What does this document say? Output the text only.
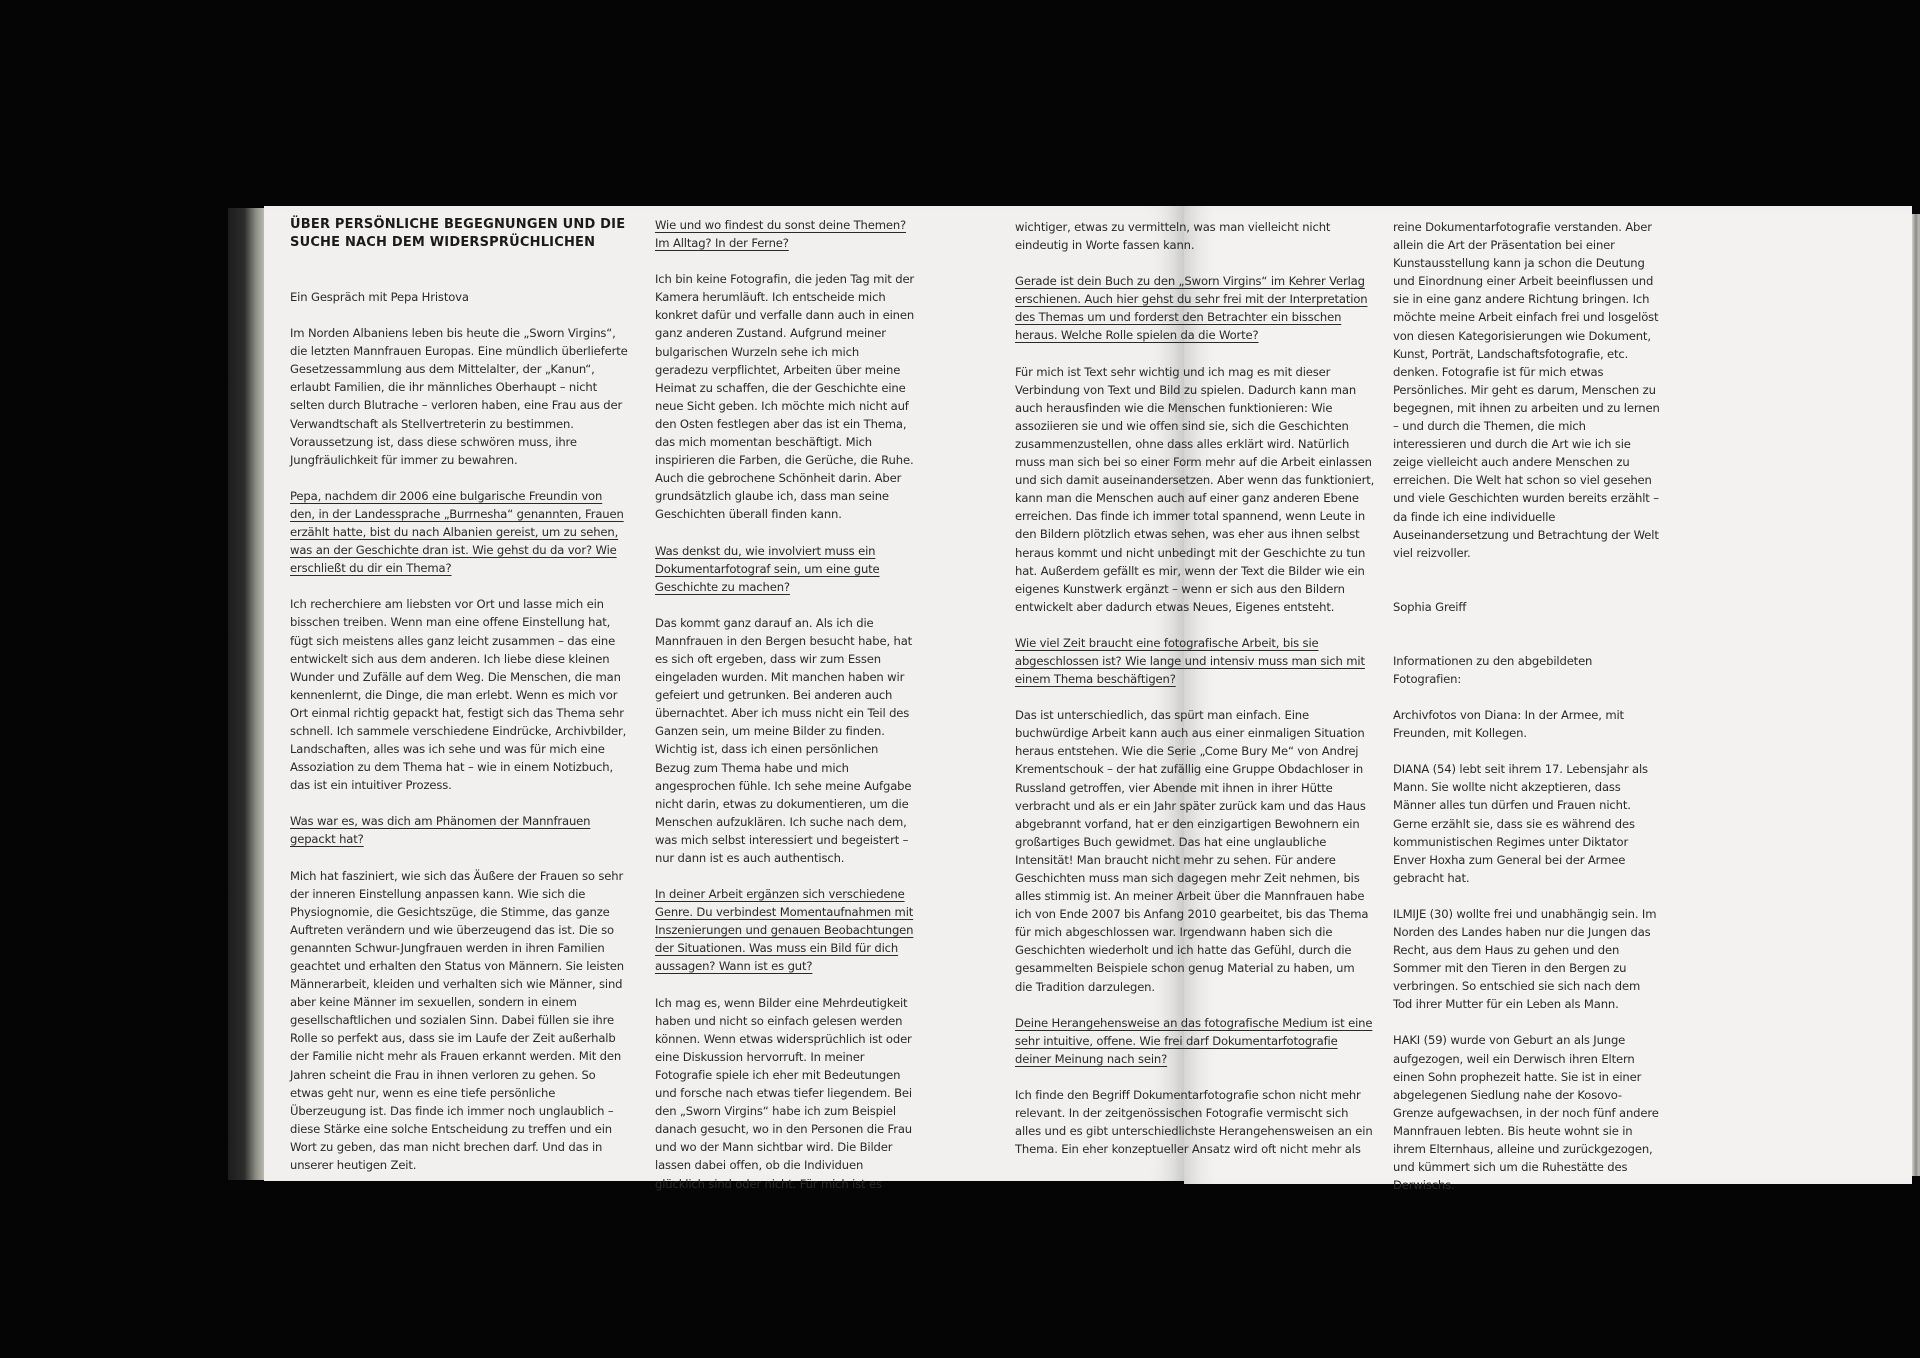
ÜBER PERSÖNLICHE BEGEGNUNGEN UND DIE SUCHE NACH DEM WIDERSPRÜCHLICHEN

Ein Gespräch mit Pepa Hristova

Im Norden Albaniens leben bis heute die „Sworn Virgins“, die letzten Mannfrauen Europas. Eine mündlich überlieferte Gesetzessammlung aus dem Mittelalter, der „Kanun“, erlaubt Familien, die ihr männliches Oberhaupt – nicht selten durch Blutrache – verloren haben, eine Frau aus der Verwandtschaft als Stellvertreterin zu bestimmen. Voraussetzung ist, dass diese schwören muss, ihre Jungfräulichkeit für immer zu bewahren.

Pepa, nachdem dir 2006 eine bulgarische Freundin von den, in der Landessprache „Burrnesha“ genannten, Frauen erzählt hatte, bist du nach Albanien gereist, um zu sehen, was an der Geschichte dran ist. Wie gehst du da vor? Wie erschließt du dir ein Thema?

Ich recherchiere am liebsten vor Ort und lasse mich ein bisschen treiben. Wenn man eine offene Einstellung hat, fügt sich meistens alles ganz leicht zusammen – das eine entwickelt sich aus dem anderen. Ich liebe diese kleinen Wunder und Zufälle auf dem Weg. Die Menschen, die man kennenlernt, die Dinge, die man erlebt. Wenn es mich vor Ort einmal richtig gepackt hat, festigt sich das Thema sehr schnell. Ich sammele verschiedene Eindrücke, Archivbilder, Landschaften, alles was ich sehe und was für mich eine Assoziation zu dem Thema hat – wie in einem Notizbuch, das ist ein intuitiver Prozess.

Was war es, was dich am Phänomen der Mannfrauen gepackt hat?

Mich hat fasziniert, wie sich das Äußere der Frauen so sehr der inneren Einstellung anpassen kann. Wie sich die Physiognomie, die Gesichtszüge, die Stimme, das ganze Auftreten verändern und wie überzeugend das ist. Die so genannten Schwur-Jungfrauen werden in ihren Familien geachtet und erhalten den Status von Männern. Sie leisten Männerarbeit, kleiden und verhalten sich wie Männer, sind aber keine Männer im sexuellen, sondern in einem gesellschaftlichen und sozialen Sinn. Dabei füllen sie ihre Rolle so perfekt aus, dass sie im Laufe der Zeit außerhalb der Familie nicht mehr als Frauen erkannt werden. Mit den Jahren scheint die Frau in ihnen verloren zu gehen. So etwas geht nur, wenn es eine tiefe persönliche Überzeugung ist. Das finde ich immer noch unglaublich – diese Stärke eine solche Entscheidung zu treffen und ein Wort zu geben, das man nicht brechen darf. Und das in unserer heutigen Zeit.

Wie und wo findest du sonst deine Themen? Im Alltag? In der Ferne?

Ich bin keine Fotografin, die jeden Tag mit der Kamera herumläuft. Ich entscheide mich konkret dafür und verfalle dann auch in einen ganz anderen Zustand. Aufgrund meiner bulgarischen Wurzeln sehe ich mich geradezu verpflichtet, Arbeiten über meine Heimat zu schaffen, die der Geschichte eine neue Sicht geben. Ich möchte mich nicht auf den Osten festlegen aber das ist ein Thema, das mich momentan beschäftigt. Mich inspirieren die Farben, die Gerüche, die Ruhe. Auch die gebrochene Schönheit darin. Aber grundsätzlich glaube ich, dass man seine Geschichten überall finden kann.

Was denkst du, wie involviert muss ein Dokumentarfotograf sein, um eine gute Geschichte zu machen?

Das kommt ganz darauf an. Als ich die Mannfrauen in den Bergen besucht habe, hat es sich oft ergeben, dass wir zum Essen eingeladen wurden. Mit manchen haben wir gefeiert und getrunken. Bei anderen auch übernachtet. Aber ich muss nicht ein Teil des Ganzen sein, um meine Bilder zu finden. Wichtig ist, dass ich einen persönlichen Bezug zum Thema habe und mich angesprochen fühle. Ich sehe meine Aufgabe nicht darin, etwas zu dokumentieren, um die Menschen aufzuklären. Ich suche nach dem, was mich selbst interessiert und begeistert – nur dann ist es auch authentisch.

In deiner Arbeit ergänzen sich verschiedene Genre. Du verbindest Momentaufnahmen mit Inszenierungen und genauen Beobachtungen der Situationen. Was muss ein Bild für dich aussagen? Wann ist es gut?

Ich mag es, wenn Bilder eine Mehrdeutigkeit haben und nicht so einfach gelesen werden können. Wenn etwas widersprüchlich ist oder eine Diskussion hervorruft. In meiner Fotografie spiele ich eher mit Bedeutungen und forsche nach etwas tiefer liegendem. Bei den „Sworn Virgins“ habe ich zum Beispiel danach gesucht, wo in den Personen die Frau und wo der Mann sichtbar wird. Die Bilder lassen dabei offen, ob die Individuen glücklich sind oder nicht. Für mich ist es

wichtiger, etwas zu vermitteln, was man vielleicht nicht eindeutig in Worte fassen kann.

Gerade ist dein Buch zu den „Sworn Virgins“ im Kehrer Verlag erschienen. Auch hier gehst du sehr frei mit der Interpretation des Themas um und forderst den Betrachter ein bisschen heraus. Welche Rolle spielen da die Worte?

Für mich ist Text sehr wichtig und ich mag es mit dieser Verbindung von Text und Bild zu spielen. Dadurch kann man auch herausfinden wie die Menschen funktionieren: Wie assoziieren sie und wie offen sind sie, sich die Geschichten zusammenzustellen, ohne dass alles erklärt wird. Natürlich muss man sich bei so einer Form mehr auf die Arbeit einlassen und sich damit auseinandersetzen. Aber wenn das funktioniert, kann man die Menschen auch auf einer ganz anderen Ebene erreichen. Das finde ich immer total spannend, wenn Leute in den Bildern plötzlich etwas sehen, was eher aus ihnen selbst heraus kommt und nicht unbedingt mit der Geschichte zu tun hat. Außerdem gefällt es mir, wenn der Text die Bilder wie ein eigenes Kunstwerk ergänzt – wenn er sich aus den Bildern entwickelt aber dadurch etwas Neues, Eigenes entsteht.

Wie viel Zeit braucht eine fotografische Arbeit, bis sie abgeschlossen ist? Wie lange und intensiv muss man sich mit einem Thema beschäftigen?

Das ist unterschiedlich, das spürt man einfach. Eine buchwürdige Arbeit kann auch aus einer einmaligen Situation heraus entstehen. Wie die Serie „Come Bury Me“ von Andrej Krementschouk – der hat zufällig eine Gruppe Obdachloser in Russland getroffen, vier Abende mit ihnen in ihrer Hütte verbracht und als er ein Jahr später zurück kam und das Haus abgebrannt vorfand, hat er den einzigartigen Bewohnern ein großartiges Buch gewidmet. Das hat eine unglaubliche Intensität! Man braucht nicht mehr zu sehen. Für andere Geschichten muss man sich dagegen mehr Zeit nehmen, bis alles stimmig ist. An meiner Arbeit über die Mannfrauen habe ich von Ende 2007 bis Anfang 2010 gearbeitet, bis das Thema für mich abgeschlossen war. Irgendwann haben sich die Geschichten wiederholt und ich hatte das Gefühl, durch die gesammelten Beispiele schon genug Material zu haben, um die Tradition darzulegen.

Deine Herangehensweise an das fotografische Medium ist eine sehr intuitive, offene. Wie frei darf Dokumentarfotografie deiner Meinung nach sein?

Ich finde den Begriff Dokumentarfotografie schon nicht mehr relevant. In der zeitgenössischen Fotografie vermischt sich alles und es gibt unterschiedlichste Herangehensweisen an ein Thema. Ein eher konzeptueller Ansatz wird oft nicht mehr als

reine Dokumentarfotografie verstanden. Aber allein die Art der Präsentation bei einer Kunstausstellung kann ja schon die Deutung und Einordnung einer Arbeit beeinflussen und sie in eine ganz andere Richtung bringen. Ich möchte meine Arbeit einfach frei und losgelöst von diesen Kategorisierungen wie Dokument, Kunst, Porträt, Landschaftsfotografie, etc. denken. Fotografie ist für mich etwas Persönliches. Mir geht es darum, Menschen zu begegnen, mit ihnen zu arbeiten und zu lernen – und durch die Themen, die mich interessieren und durch die Art wie ich sie zeige vielleicht auch andere Menschen zu erreichen. Die Welt hat schon so viel gesehen und viele Geschichten wurden bereits erzählt – da finde ich eine individuelle Auseinandersetzung und Betrachtung der Welt viel reizvoller.

Sophia Greiff

Informationen zu den abgebildeten Fotografien:

Archivfotos von Diana: In der Armee, mit Freunden, mit Kollegen.

DIANA (54) lebt seit ihrem 17. Lebensjahr als Mann. Sie wollte nicht akzeptieren, dass Männer alles tun dürfen und Frauen nicht. Gerne erzählt sie, dass sie es während des kommunistischen Regimes unter Diktator Enver Hoxha zum General bei der Armee gebracht hat.

ILMIJE (30) wollte frei und unabhängig sein. Im Norden des Landes haben nur die Jungen das Recht, aus dem Haus zu gehen und den Sommer mit den Tieren in den Bergen zu verbringen. So entschied sie sich nach dem Tod ihrer Mutter für ein Leben als Mann.

HAKI (59) wurde von Geburt an als Junge aufgezogen, weil ein Derwisch ihren Eltern einen Sohn prophezeit hatte. Sie ist in einer abgelegenen Siedlung nahe der Kosovo-Grenze aufgewachsen, in der noch fünf andere Mannfrauen lebten. Bis heute wohnt sie in ihrem Elternhaus, alleine und zurückgezogen, und kümmert sich um die Ruhestätte des Derwischs.
